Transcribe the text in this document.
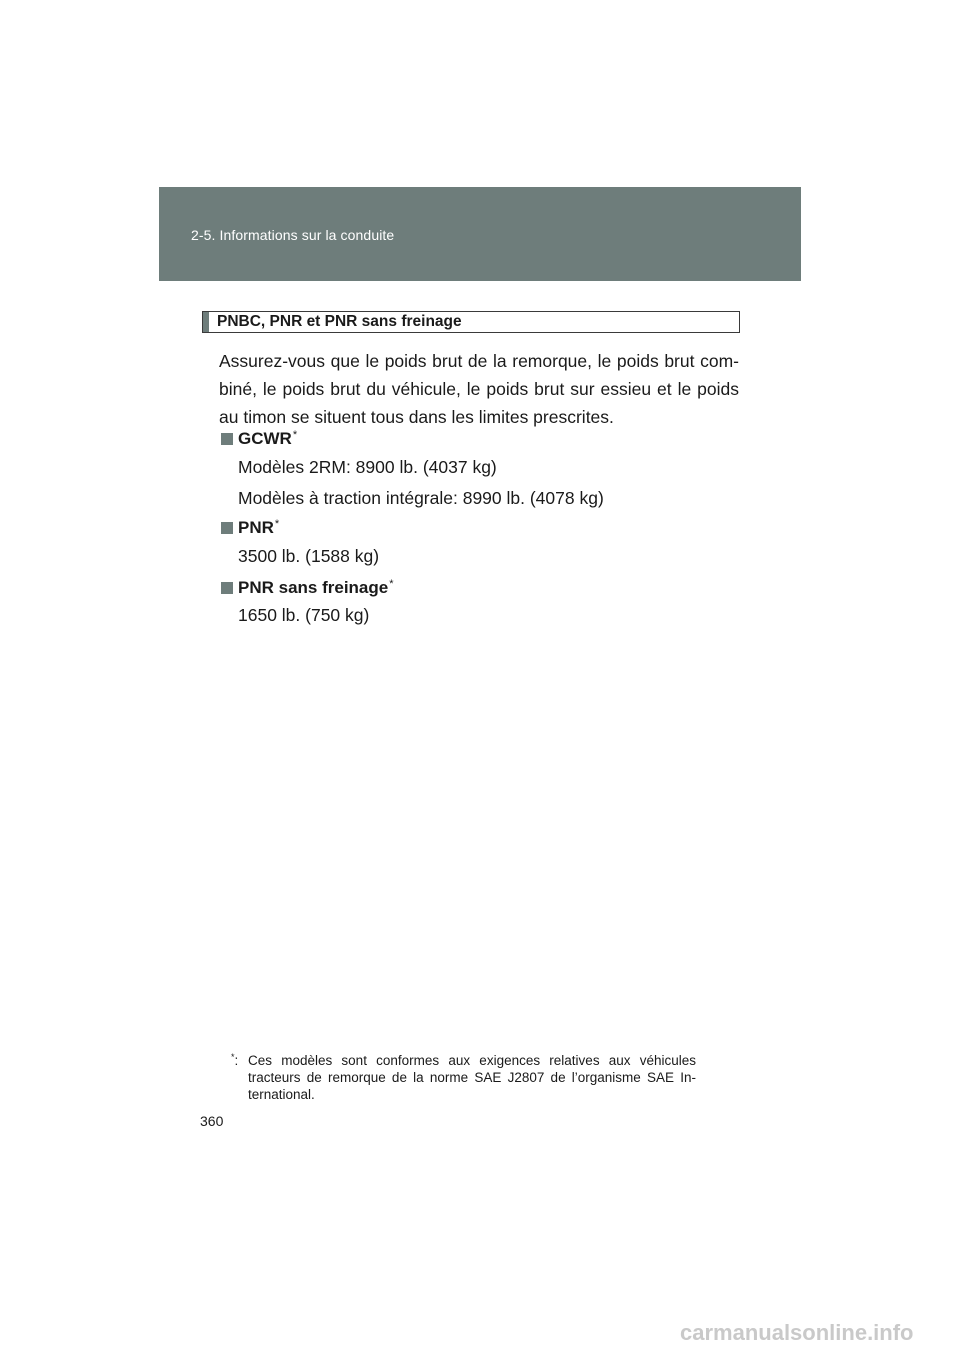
2-5. Informations sur la conduite
PNBC, PNR et PNR sans freinage

Assurez-vous que le poids brut de la remorque, le poids brut com-biné, le poids brut du véhicule, le poids brut sur essieu et le poids au timon se situent tous dans les limites prescrites.

GCWR *
Modèles 2RM: 8900 lb. (4037 kg)
Modèles à traction intégrale: 8990 lb. (4078 kg)
PNR *
3500 lb. (1588 kg)
PNR sans freinage *
1650 lb. (750 kg)
*: Ces modèles sont conformes aux exigences relatives aux véhicules tracteurs de remorque de la norme SAE J2807 de l’organisme SAE In-ternational.
360
carmanualsonline.info
